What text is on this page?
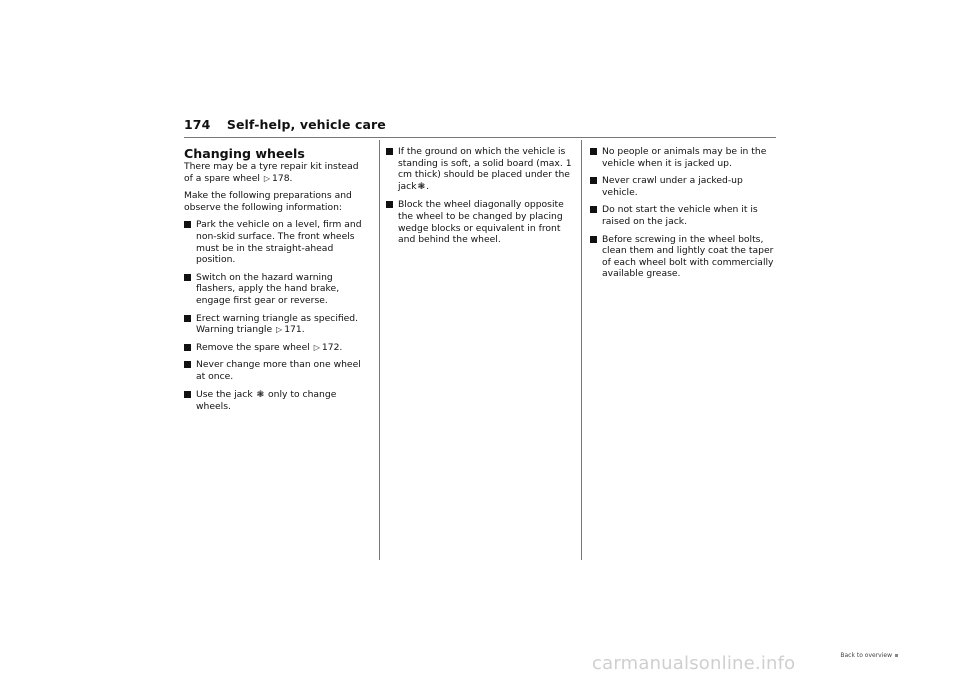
174 Self-help, vehicle care

Changing wheels

There may be a tyre repair kit instead of a spare wheel ▷ 178.

Make the following preparations and observe the following information:

Park the vehicle on a level, firm and non-skid surface. The front wheels must be in the straight-ahead position.
Switch on the hazard warning flashers, apply the hand brake, engage first gear or reverse.
Erect warning triangle as specified. Warning triangle ▷ 171.
Remove the spare wheel ▷ 172.
Never change more than one wheel at once.
Use the jack ❃ only to change wheels.
If the ground on which the vehicle is standing is soft, a solid board (max. 1 cm thick) should be placed under the jack❃.
Block the wheel diagonally opposite the wheel to be changed by placing wedge blocks or equivalent in front and behind the wheel.
No people or animals may be in the vehicle when it is jacked up.
Never crawl under a jacked-up vehicle.
Do not start the vehicle when it is raised on the jack.
Before screwing in the wheel bolts, clean them and lightly coat the taper of each wheel bolt with commercially available grease.
carmanualsonline.info	Back to overview
